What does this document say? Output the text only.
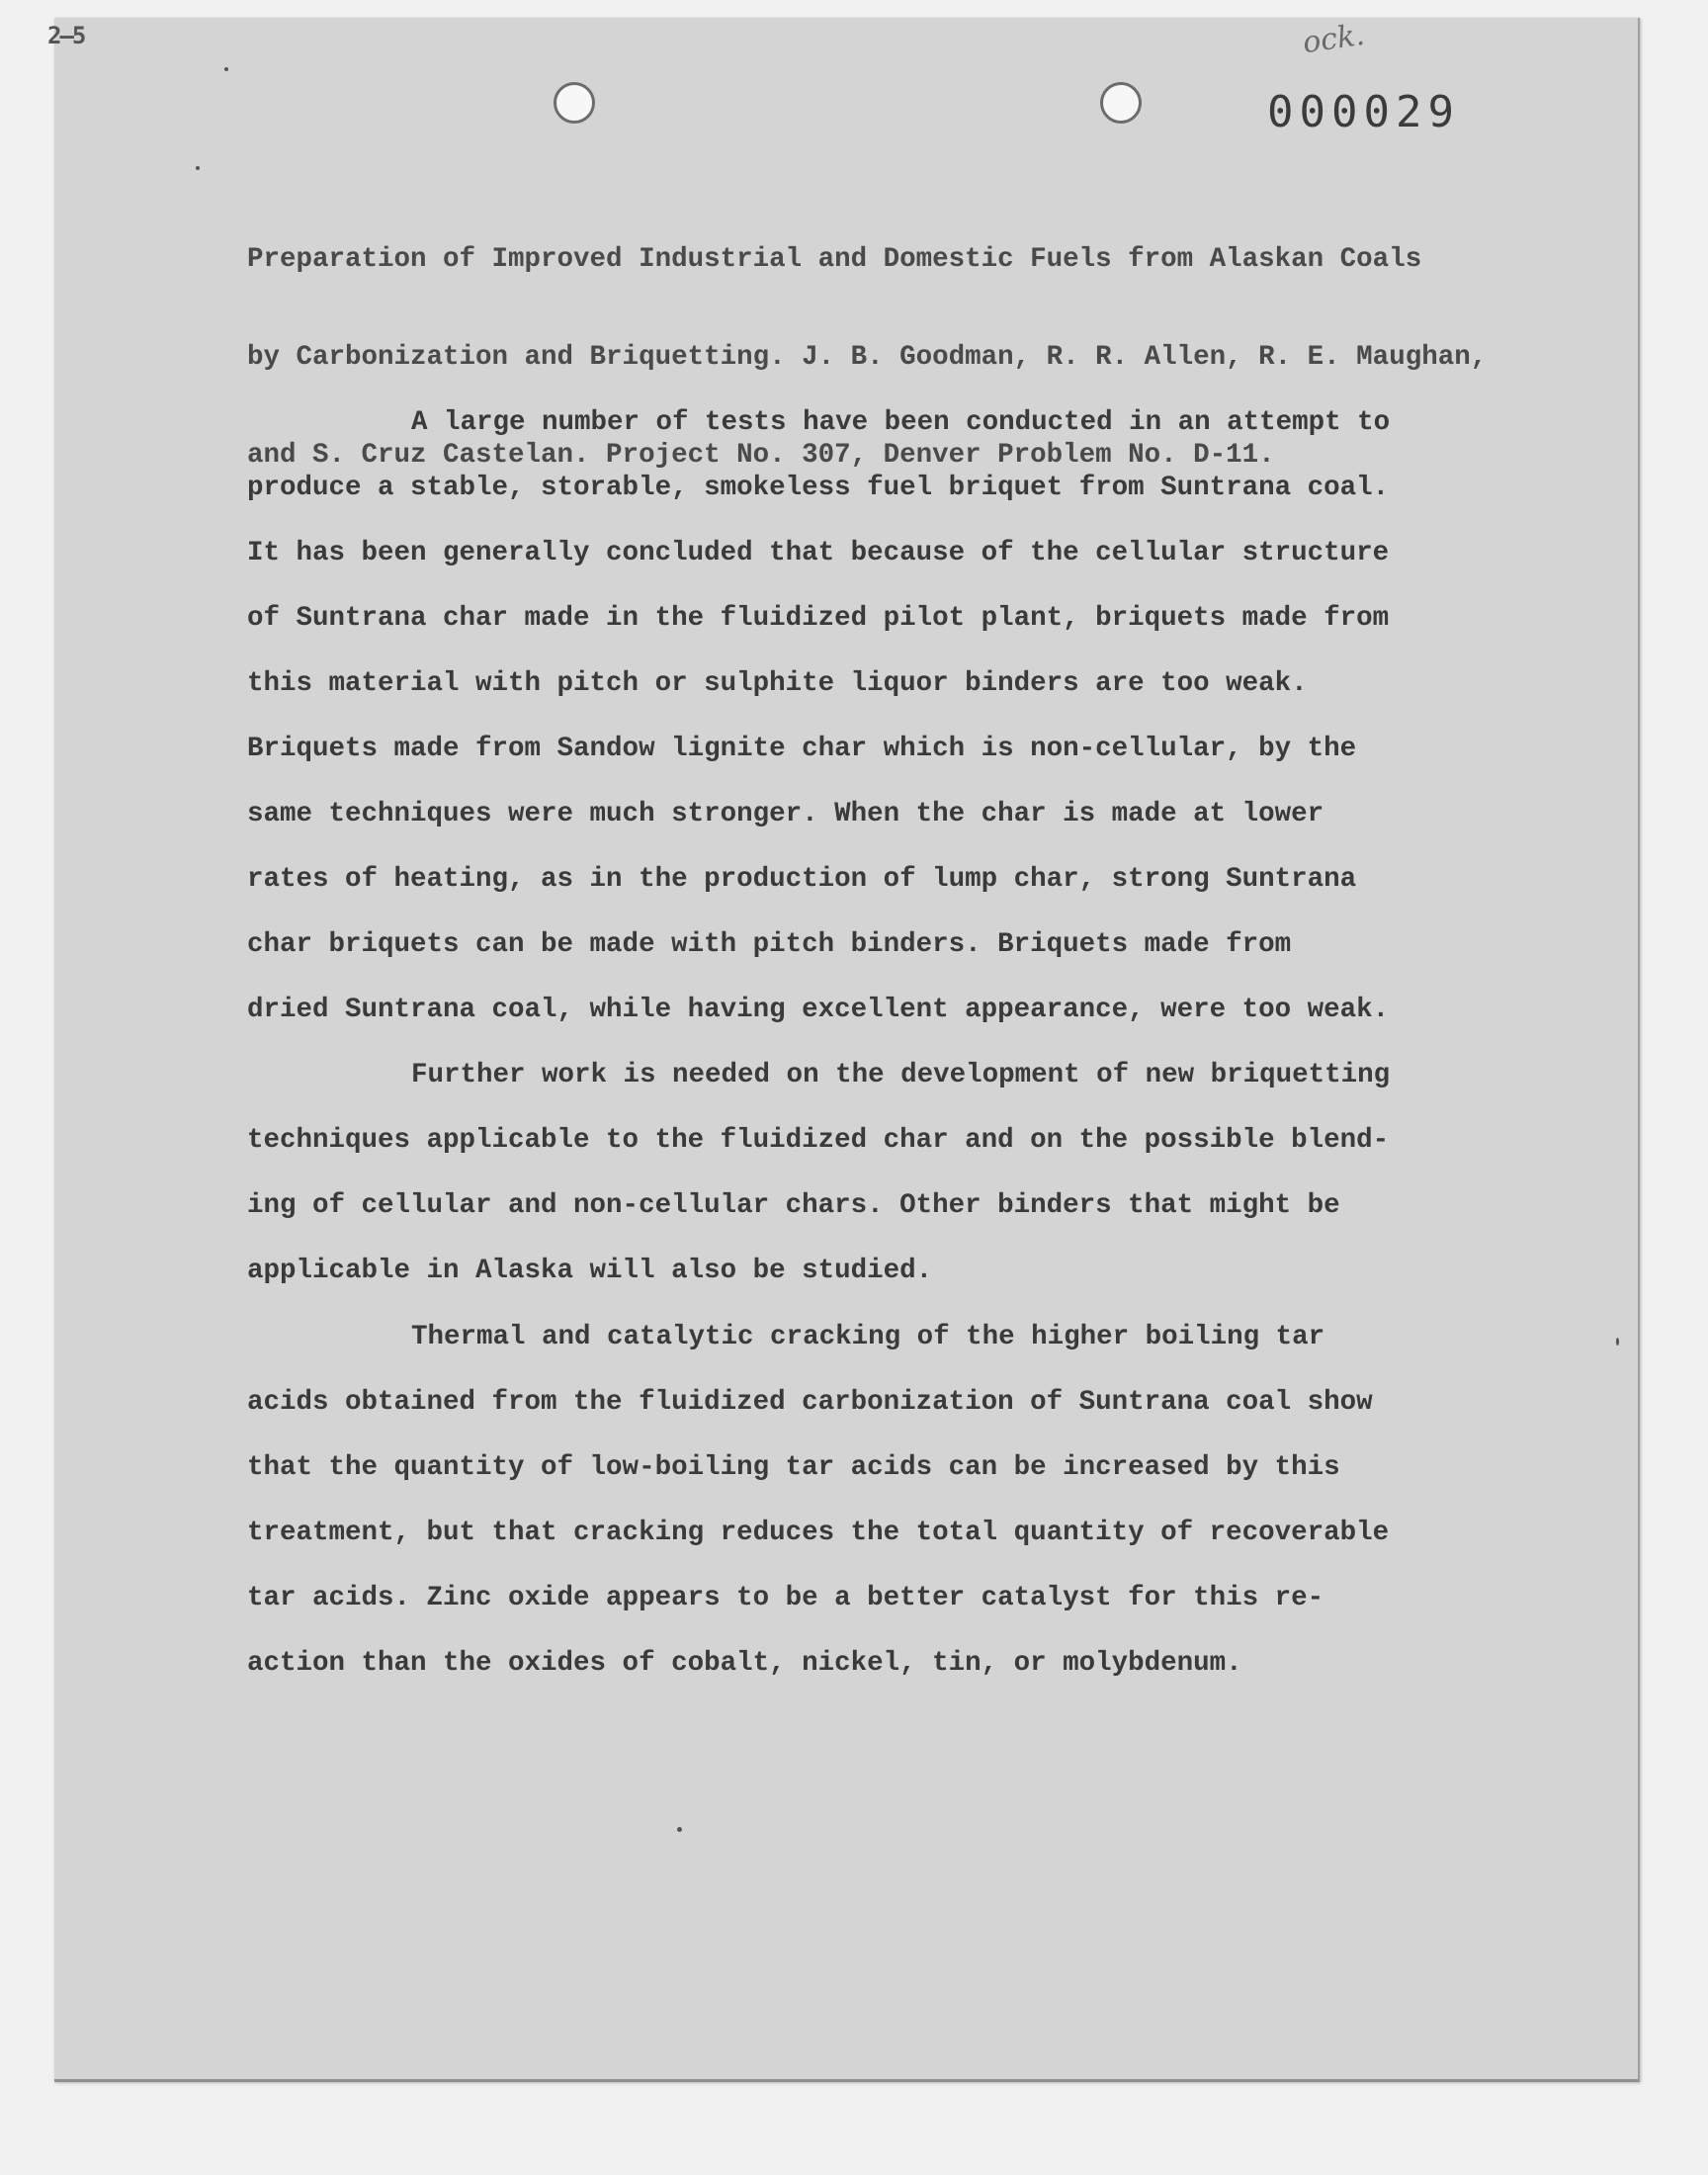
2—5	ock.
000029

Preparation of Improved Industrial and Domestic Fuels from Alaskan Coals

by Carbonization and Briquetting. J. B. Goodman, R. R. Allen, R. E. Maughan,

and S. Cruz Castelan. Project No. 307, Denver Problem No. D-11.

A large number of tests have been conducted in an attempt to
produce a stable, storable, smokeless fuel briquet from Suntrana coal.
It has been generally concluded that because of the cellular structure
of Suntrana char made in the fluidized pilot plant, briquets made from
this material with pitch or sulphite liquor binders are too weak.
Briquets made from Sandow lignite char which is non-cellular, by the
same techniques were much stronger. When the char is made at lower
rates of heating, as in the production of lump char, strong Suntrana
char briquets can be made with pitch binders. Briquets made from
dried Suntrana coal, while having excellent appearance, were too weak.
Further work is needed on the development of new briquetting
techniques applicable to the fluidized char and on the possible blend-
ing of cellular and non-cellular chars. Other binders that might be
applicable in Alaska will also be studied.
Thermal and catalytic cracking of the higher boiling tar
acids obtained from the fluidized carbonization of Suntrana coal show
that the quantity of low-boiling tar acids can be increased by this
treatment, but that cracking reduces the total quantity of recoverable
tar acids. Zinc oxide appears to be a better catalyst for this re-
action than the oxides of cobalt, nickel, tin, or molybdenum.
